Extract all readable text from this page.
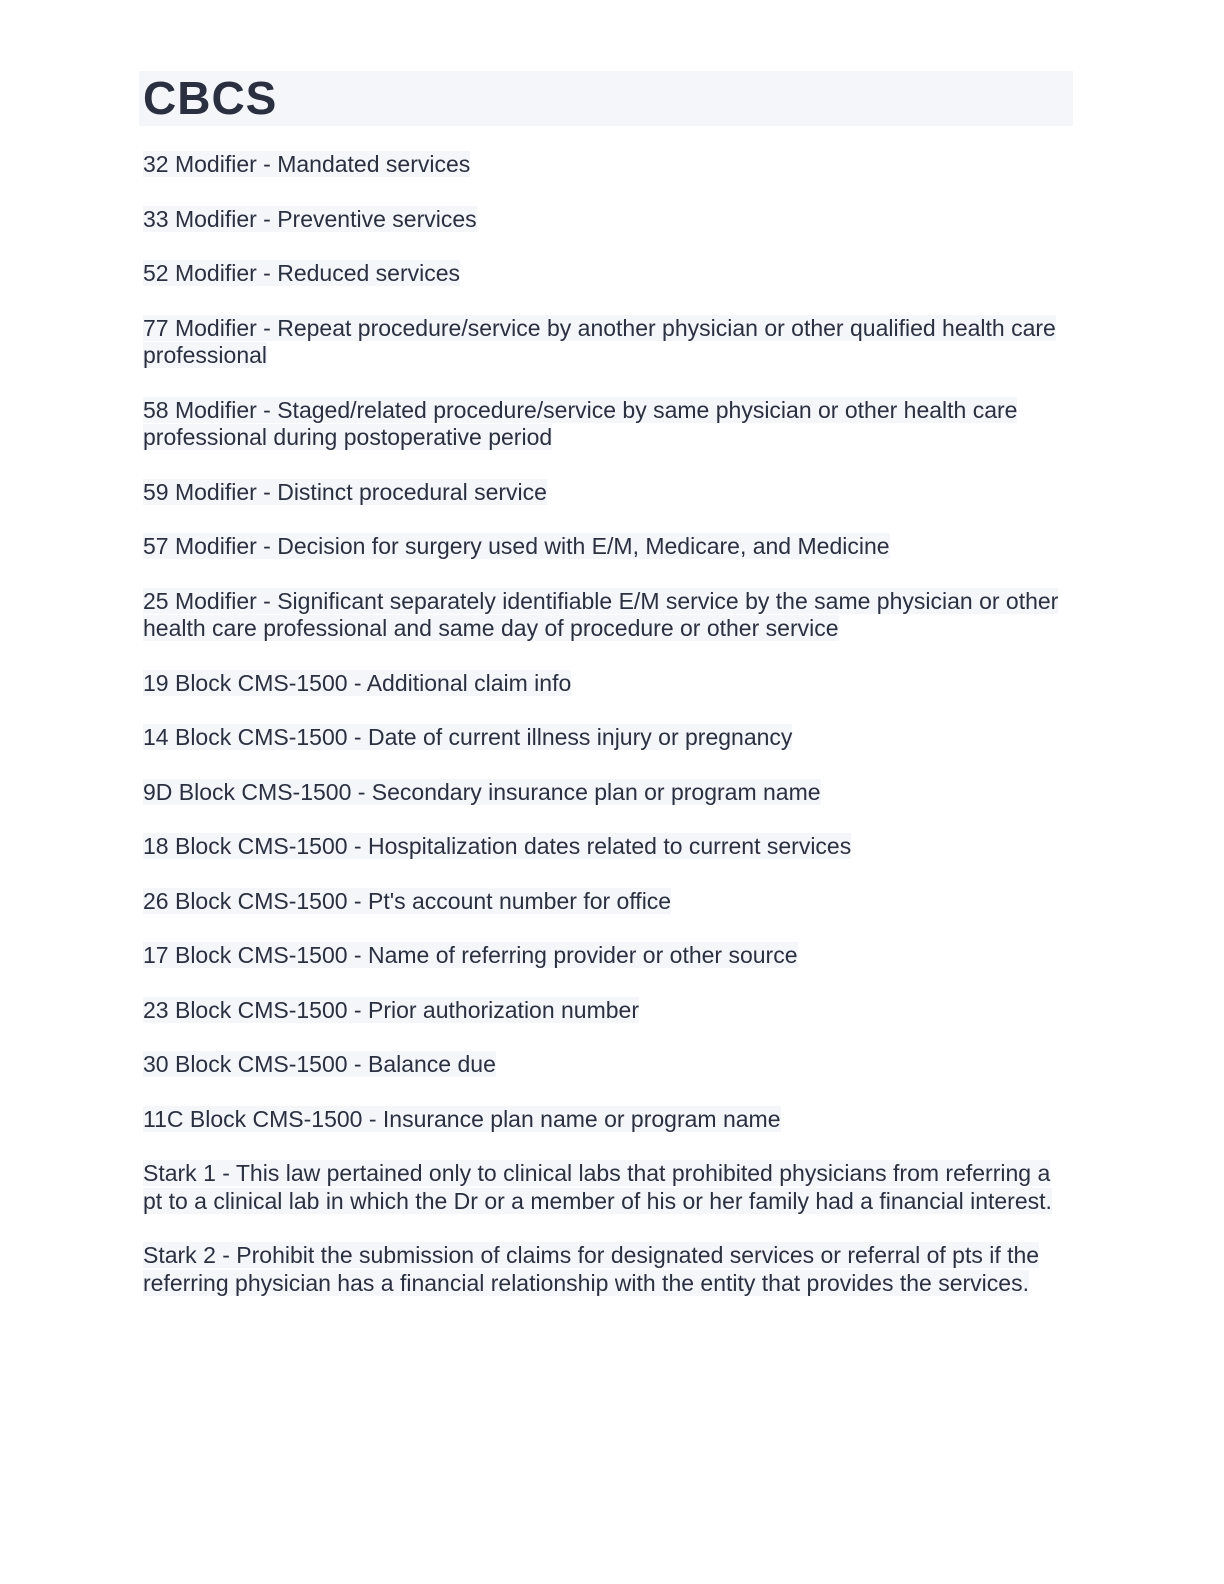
CBCS

32 Modifier - Mandated services

33 Modifier - Preventive services

52 Modifier - Reduced services

77 Modifier - Repeat procedure/service by another physician or other qualified health care professional

58 Modifier - Staged/related procedure/service by same physician or other health care professional during postoperative period

59 Modifier - Distinct procedural service

57 Modifier - Decision for surgery used with E/M, Medicare, and Medicine

25 Modifier - Significant separately identifiable E/M service by the same physician or other health care professional and same day of procedure or other service

19 Block CMS-1500 - Additional claim info

14 Block CMS-1500 - Date of current illness injury or pregnancy

9D Block CMS-1500 - Secondary insurance plan or program name

18 Block CMS-1500 - Hospitalization dates related to current services

26 Block CMS-1500 - Pt's account number for office

17 Block CMS-1500 - Name of referring provider or other source

23 Block CMS-1500 - Prior authorization number

30 Block CMS-1500 - Balance due

11C Block CMS-1500 - Insurance plan name or program name

Stark 1 - This law pertained only to clinical labs that prohibited physicians from referring a pt to a clinical lab in which the Dr or a member of his or her family had a financial interest.

Stark 2 - Prohibit the submission of claims for designated services or referral of pts if the referring physician has a financial relationship with the entity that provides the services.
